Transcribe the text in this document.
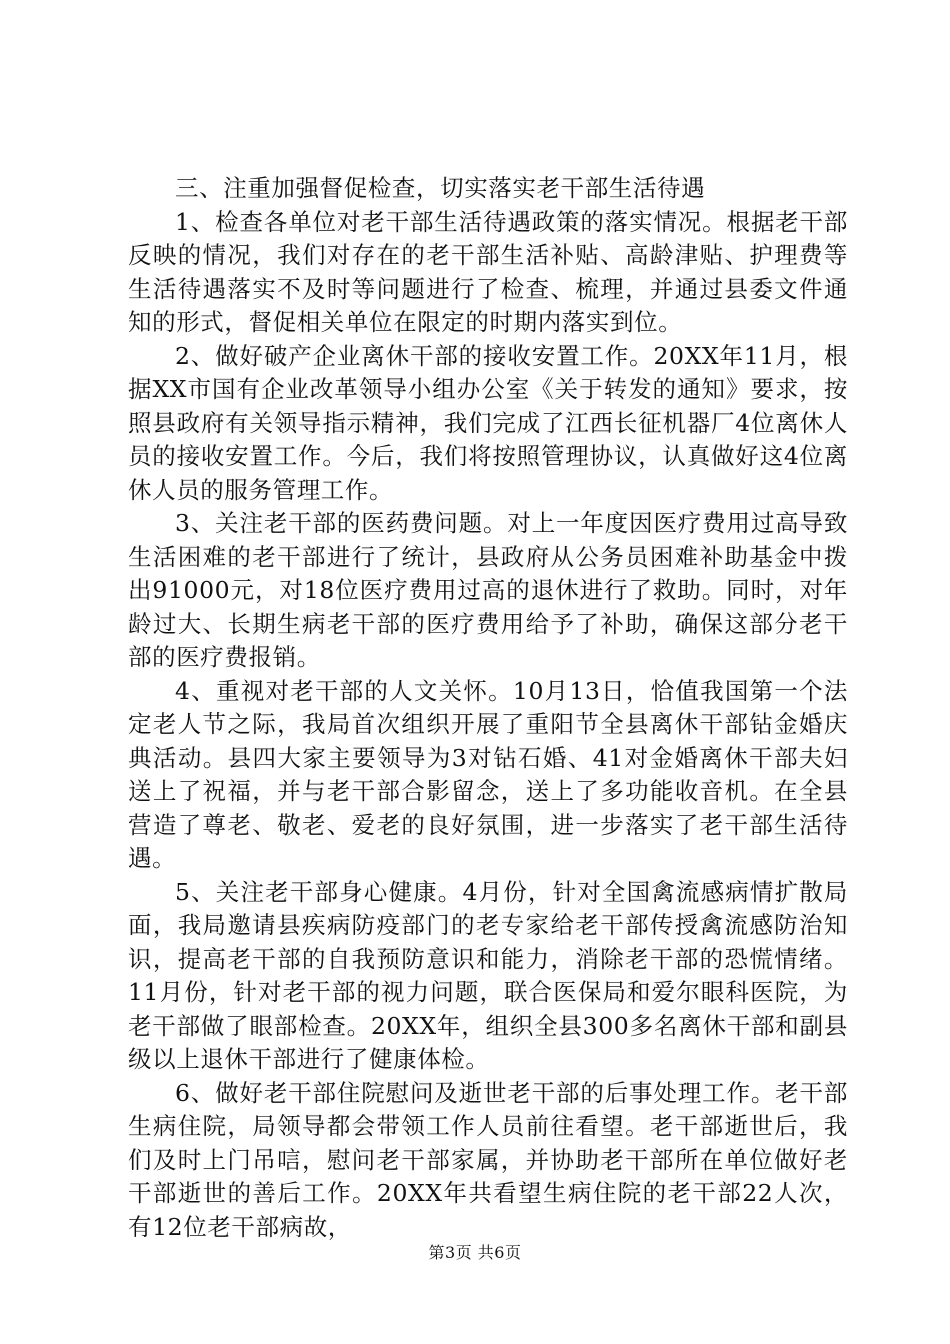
三、注重加强督促检查，切实落实老干部生活待遇

1、检查各单位对老干部生活待遇政策的落实情况。根据老干部反映的情况，我们对存在的老干部生活补贴、高龄津贴、护理费等生活待遇落实不及时等问题进行了检查、梳理，并通过县委文件通知的形式，督促相关单位在限定的时期内落实到位。

2、做好破产企业离休干部的接收安置工作。20XX年11月，根据XX市国有企业改革领导小组办公室《关于转发的通知》要求，按照县政府有关领导指示精神，我们完成了江西长征机器厂4位离休人员的接收安置工作。今后，我们将按照管理协议，认真做好这4位离休人员的服务管理工作。

3、关注老干部的医药费问题。对上一年度因医疗费用过高导致生活困难的老干部进行了统计，县政府从公务员困难补助基金中拨出91000元，对18位医疗费用过高的退休进行了救助。同时，对年龄过大、长期生病老干部的医疗费用给予了补助，确保这部分老干部的医疗费报销。

4、重视对老干部的人文关怀。10月13日，恰值我国第一个法定老人节之际，我局首次组织开展了重阳节全县离休干部钻金婚庆典活动。县四大家主要领导为3对钻石婚、41对金婚离休干部夫妇送上了祝福，并与老干部合影留念，送上了多功能收音机。在全县营造了尊老、敬老、爱老的良好氛围，进一步落实了老干部生活待遇。

5、关注老干部身心健康。4月份，针对全国禽流感病情扩散局面，我局邀请县疾病防疫部门的老专家给老干部传授禽流感防治知识，提高老干部的自我预防意识和能力，消除老干部的恐慌情绪。11月份，针对老干部的视力问题，联合医保局和爱尔眼科医院，为老干部做了眼部检查。20XX年，组织全县300多名离休干部和副县级以上退休干部进行了健康体检。

6、做好老干部住院慰问及逝世老干部的后事处理工作。老干部生病住院，局领导都会带领工作人员前往看望。老干部逝世后，我们及时上门吊唁，慰问老干部家属，并协助老干部所在单位做好老干部逝世的善后工作。20XX年共看望生病住院的老干部22人次，有12位老干部病故，

第3页 共6页
